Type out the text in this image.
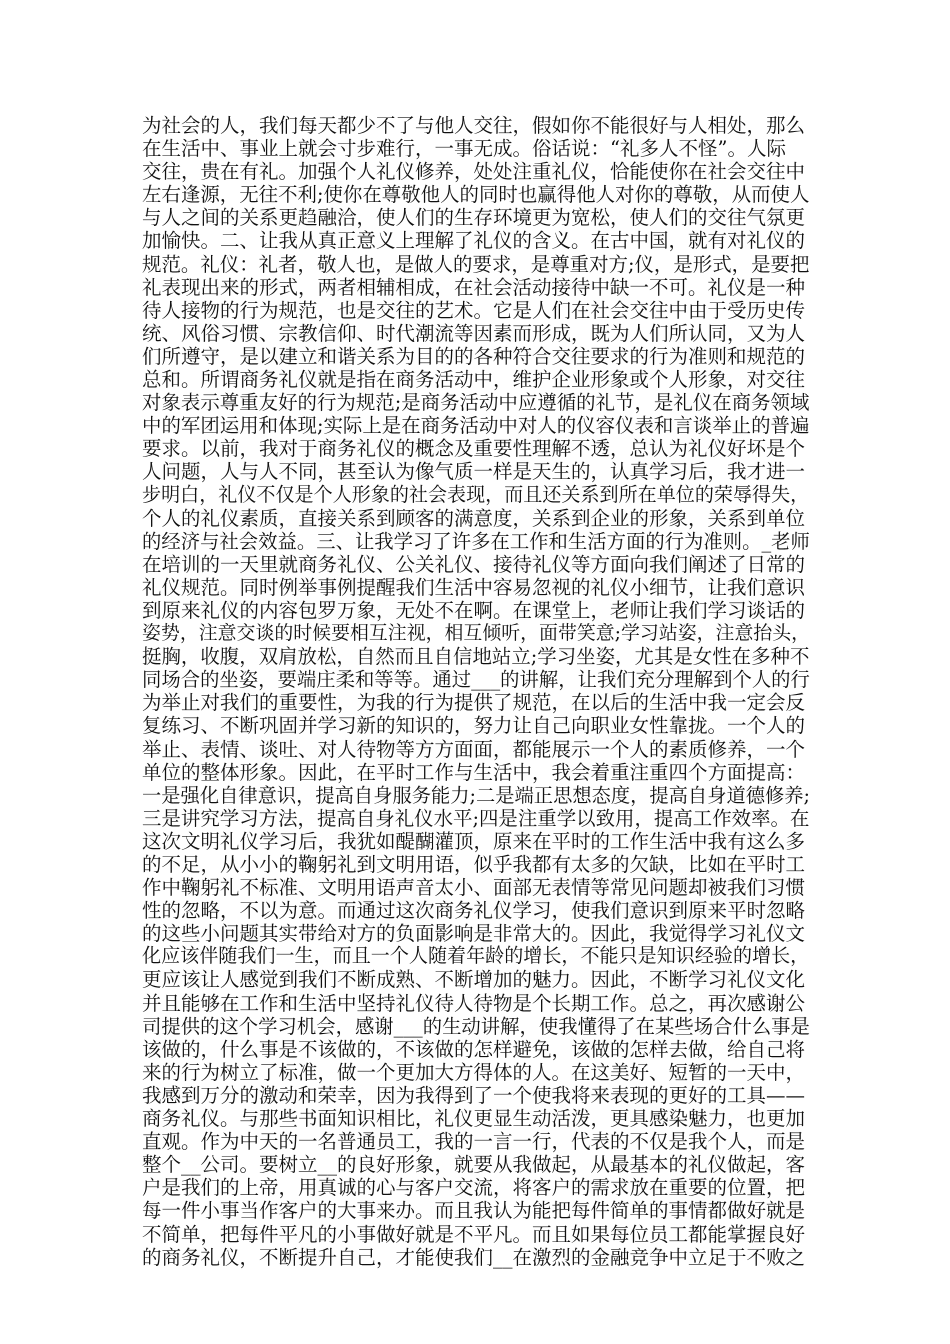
为社会的人，我们每天都少不了与他人交往，假如你不能很好与人相处，那么
在生活中、事业上就会寸步难行，一事无成。俗话说：“礼多人不怪”。人际
交往，贵在有礼。加强个人礼仪修养，处处注重礼仪，恰能使你在社会交往中
左右逢源，无往不利;使你在尊敬他人的同时也赢得他人对你的尊敬，从而使人
与人之间的关系更趋融洽，使人们的生存环境更为宽松，使人们的交往气氛更
加愉快。二、让我从真正意义上理解了礼仪的含义。在古中国，就有对礼仪的
规范。礼仪：礼者，敬人也，是做人的要求，是尊重对方;仪，是形式，是要把
礼表现出来的形式，两者相辅相成，在社会活动接待中缺一不可。礼仪是一种
待人接物的行为规范，也是交往的艺术。它是人们在社会交往中由于受历史传
统、风俗习惯、宗教信仰、时代潮流等因素而形成，既为人们所认同，又为人
们所遵守，是以建立和谐关系为目的的各种符合交往要求的行为准则和规范的
总和。所谓商务礼仪就是指在商务活动中，维护企业形象或个人形象，对交往
对象表示尊重友好的行为规范;是商务活动中应遵循的礼节，是礼仪在商务领域
中的军团运用和体现;实际上是在商务活动中对人的仪容仪表和言谈举止的普遍
要求。以前，我对于商务礼仪的概念及重要性理解不透，总认为礼仪好坏是个
人问题，人与人不同，甚至认为像气质一样是天生的，认真学习后，我才进一
步明白，礼仪不仅是个人形象的社会表现，而且还关系到所在单位的荣辱得失，
个人的礼仪素质，直接关系到顾客的满意度，关系到企业的形象，关系到单位
的经济与社会效益。三、让我学习了许多在工作和生活方面的行为准则。_老师
在培训的一天里就商务礼仪、公关礼仪、接待礼仪等方面向我们阐述了日常的
礼仪规范。同时例举事例提醒我们生活中容易忽视的礼仪小细节，让我们意识
到原来礼仪的内容包罗万象，无处不在啊。在课堂上，老师让我们学习谈话的
姿势，注意交谈的时候要相互注视，相互倾听，面带笑意;学习站姿，注意抬头，
挺胸，收腹，双肩放松，自然而且自信地站立;学习坐姿，尤其是女性在多种不
同场合的坐姿，要端庄柔和等等。通过___的讲解，让我们充分理解到个人的行
为举止对我们的重要性，为我的行为提供了规范，在以后的生活中我一定会反
复练习、不断巩固并学习新的知识的，努力让自己向职业女性靠拢。一个人的
举止、表情、谈吐、对人待物等方方面面，都能展示一个人的素质修养，一个
单位的整体形象。因此，在平时工作与生活中，我会着重注重四个方面提高：
一是强化自律意识，提高自身服务能力;二是端正思想态度，提高自身道德修养;
三是讲究学习方法，提高自身礼仪水平;四是注重学以致用，提高工作效率。在
这次文明礼仪学习后，我犹如醍醐灌顶，原来在平时的工作生活中我有这么多
的不足，从小小的鞠躬礼到文明用语，似乎我都有太多的欠缺，比如在平时工
作中鞠躬礼不标准、文明用语声音太小、面部无表情等常见问题却被我们习惯
性的忽略，不以为意。而通过这次商务礼仪学习，使我们意识到原来平时忽略
的这些小问题其实带给对方的负面影响是非常大的。因此，我觉得学习礼仪文
化应该伴随我们一生，而且一个人随着年龄的增长，不能只是知识经验的增长，
更应该让人感觉到我们不断成熟、不断增加的魅力。因此，不断学习礼仪文化
并且能够在工作和生活中坚持礼仪待人待物是个长期工作。总之，再次感谢公
司提供的这个学习机会，感谢___的生动讲解，使我懂得了在某些场合什么事是
该做的，什么事是不该做的，不该做的怎样避免，该做的怎样去做，给自己将
来的行为树立了标准，做一个更加大方得体的人。在这美好、短暂的一天中，
我感到万分的激动和荣幸，因为我得到了一个使我将来表现的更好的工具——
商务礼仪。与那些书面知识相比，礼仪更显生动活泼，更具感染魅力，也更加
直观。作为中天的一名普通员工，我的一言一行，代表的不仅是我个人，而是
整个__公司。要树立__的良好形象，就要从我做起，从最基本的礼仪做起，客
户是我们的上帝，用真诚的心与客户交流，将客户的需求放在重要的位置，把
每一件小事当作客户的大事来办。而且我认为能把每件简单的事情都做好就是
不简单，把每件平凡的小事做好就是不平凡。而且如果每位员工都能掌握良好
的商务礼仪，不断提升自己，才能使我们__在激烈的金融竞争中立足于不败之
